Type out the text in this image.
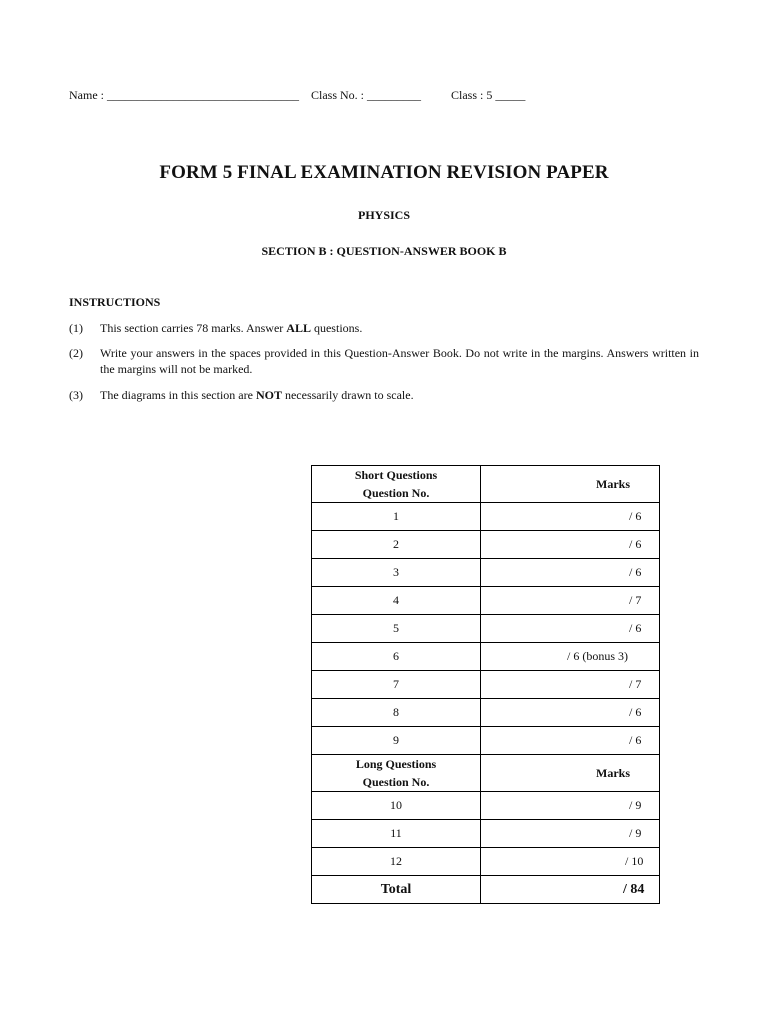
Name : ________________________________ Class No. : _________	Class : 5 _____
FORM 5 FINAL EXAMINATION REVISION PAPER
PHYSICS
SECTION B : QUESTION-ANSWER BOOK B
INSTRUCTIONS
(1) This section carries 78 marks. Answer ALL questions.
(2) Write your answers in the spaces provided in this Question-Answer Book. Do not write in the margins. Answers written in the margins will not be marked.
(3) The diagrams in this section are NOT necessarily drawn to scale.
Short Questions
Question No.	Marks
1	/ 6
2	/ 6
3	/ 6
4	/ 7
5	/ 6
6	/ 6 (bonus 3)
7	/ 7
8	/ 6
9	/ 6

Long Questions
Question No.	Marks
10	/ 9
11	/ 9
12	/ 10
Total	/ 84
